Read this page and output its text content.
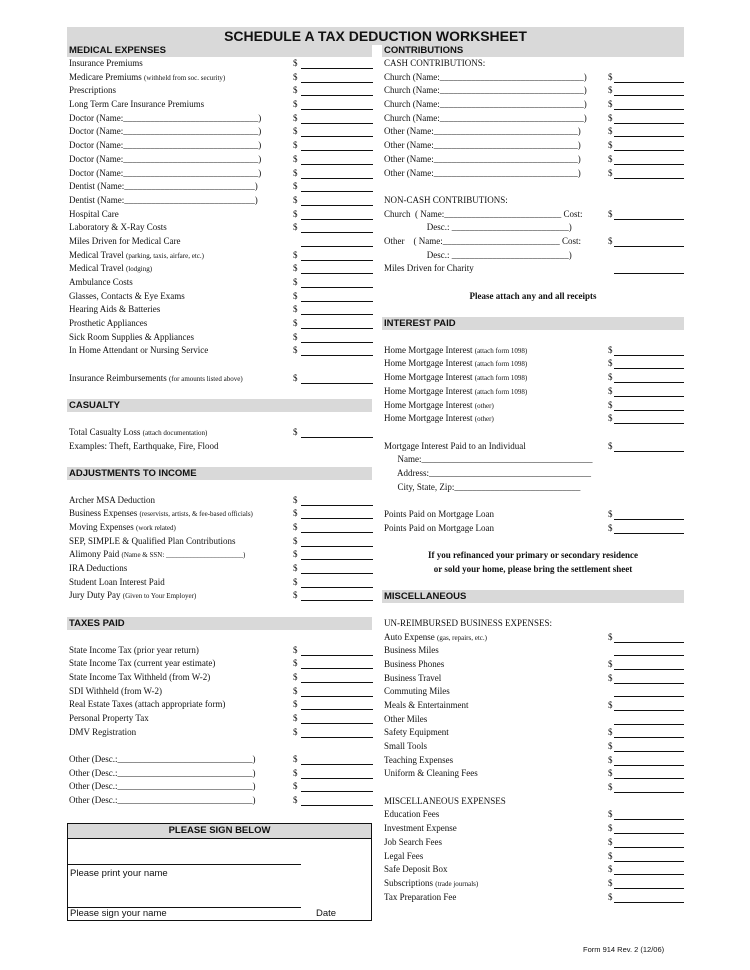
SCHEDULE A TAX DEDUCTION WORKSHEET
MEDICAL EXPENSES
Insurance Premiums	$
Medicare Premiums (withheld from soc. security)	$
Prescriptions	$
Long Term Care Insurance Premiums	$
Doctor (Name:______________________________)	$
Doctor (Name:______________________________)	$
Doctor (Name:______________________________)	$
Doctor (Name:______________________________)	$
Doctor (Name:______________________________)	$
Dentist (Name:_____________________________)	$
Dentist (Name:_____________________________)	$
Hospital Care	$
Laboratory & X-Ray Costs	$
Miles Driven for Medical Care
Medical Travel (parking, taxis, airfare, etc.)	$
Medical Travel (lodging)	$
Ambulance Costs	$
Glasses, Contacts & Eye Exams	$
Hearing Aids & Batteries	$
Prosthetic Appliances	$
Sick Room Supplies & Appliances	$
In Home Attendant or Nursing Service	$
Insurance Reimbursements (for amounts listed above)	$
CASUALTY
Total Casualty Loss (attach documentation)	$
Examples: Theft, Earthquake, Fire, Flood
ADJUSTMENTS TO INCOME
Archer MSA Deduction	$
Business Expenses (reservists, artists, & fee-based officials)	$
Moving Expenses (work related)	$
SEP, SIMPLE & Qualified Plan Contributions	$
Alimony Paid (Name & SSN: ______________________)	$
IRA Deductions	$
Student Loan Interest Paid	$
Jury Duty Pay (Given to Your Employer)	$
TAXES PAID
State Income Tax (prior year return)	$
State Income Tax (current year estimate)	$
State Income Tax Withheld (from W-2)	$
SDI Withheld (from W-2)	$
Real Estate Taxes (attach appropriate form)	$
Personal Property Tax	$
DMV Registration	$
Other (Desc.:______________________________)	$
Other (Desc.:______________________________)	$
Other (Desc.:______________________________)	$
Other (Desc.:______________________________)	$
CONTRIBUTIONS
CASH CONTRIBUTIONS:
Church (Name:________________________________) $
Church (Name:________________________________) $
Church (Name:________________________________) $
Church (Name:________________________________) $
Other (Name:________________________________)	$
Other (Name:________________________________)	$
Other (Name:________________________________)	$
Other (Name:________________________________)	$
NON-CASH CONTRIBUTIONS:
Church  ( Name:__________________________ Cost:	$
Desc.: __________________________)
Other    ( Name:__________________________ Cost:	$
Desc.: __________________________)
Miles Driven for Charity
Please attach any and all receipts
INTEREST PAID
Home Mortgage Interest (attach form 1098)	$
Home Mortgage Interest (attach form 1098)	$
Home Mortgage Interest (attach form 1098)	$
Home Mortgage Interest (attach form 1098)	$
Home Mortgage Interest (other)	$
Home Mortgage Interest (other)	$
Mortgage Interest Paid to an Individual	$
Name:______________________________________
Address:____________________________________
City, State, Zip:____________________________
Points Paid on Mortgage Loan	$
Points Paid on Mortgage Loan	$
If you refinanced your primary or secondary residence
or sold your home, please bring the settlement sheet
MISCELLANEOUS
UN-REIMBURSED BUSINESS EXPENSES:
Auto Expense (gas, repairs, etc.)	$
Business Miles
Business Phones	$
Business Travel	$
Commuting Miles
Meals & Entertainment	$
Other Miles
Safety Equipment	$
Small Tools	$
Teaching Expenses	$
Uniform & Cleaning Fees	$
$
MISCELLANEOUS EXPENSES
Education Fees	$
Investment Expense	$
Job Search Fees	$
Legal Fees	$
Safe Deposit Box	$
Subscriptions (trade journals)	$
Tax Preparation Fee	$
PLEASE SIGN BELOW
Please print your name
Please sign your name	Date
Form 914 Rev. 2 (12/06)
